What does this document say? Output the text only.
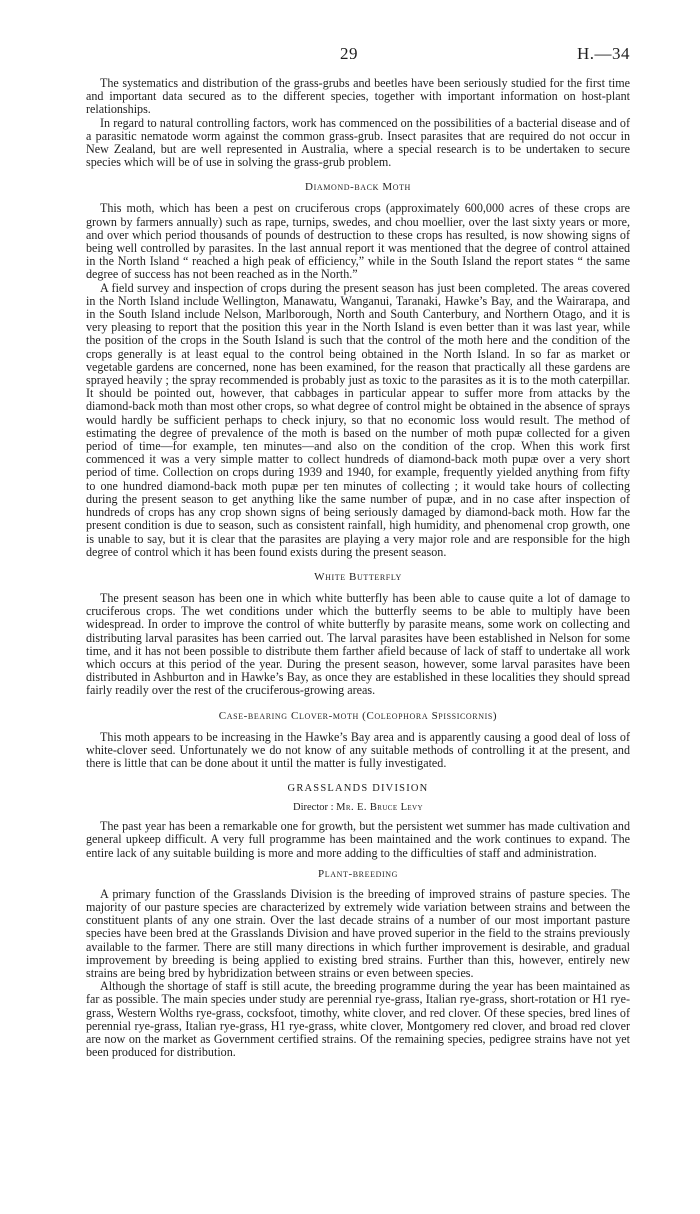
29	H.—34

The systematics and distribution of the grass-grubs and beetles have been seriously studied for the first time and important data secured as to the different species, together with important information on host-plant relationships.

In regard to natural controlling factors, work has commenced on the possibilities of a bacterial disease and of a parasitic nematode worm against the common grass-grub. Insect parasites that are required do not occur in New Zealand, but are well represented in Australia, where a special research is to be undertaken to secure species which will be of use in solving the grass-grub problem.

Diamond-back Moth

This moth, which has been a pest on cruciferous crops (approximately 600,000 acres of these crops are grown by farmers annually) such as rape, turnips, swedes, and chou moellier, over the last sixty years or more, and over which period thousands of pounds of destruction to these crops has resulted, is now showing signs of being well controlled by parasites. In the last annual report it was mentioned that the degree of control attained in the North Island “ reached a high peak of efficiency,” while in the South Island the report states “ the same degree of success has not been reached as in the North.”

A field survey and inspection of crops during the present season has just been completed. The areas covered in the North Island include Wellington, Manawatu, Wanganui, Taranaki, Hawke’s Bay, and the Wairarapa, and in the South Island include Nelson, Marlborough, North and South Canterbury, and Northern Otago, and it is very pleasing to report that the position this year in the North Island is even better than it was last year, while the position of the crops in the South Island is such that the control of the moth here and the condition of the crops generally is at least equal to the control being obtained in the North Island. In so far as market or vegetable gardens are concerned, none has been examined, for the reason that practically all these gardens are sprayed heavily ; the spray recommended is probably just as toxic to the parasites as it is to the moth caterpillar. It should be pointed out, however, that cabbages in particular appear to suffer more from attacks by the diamond-back moth than most other crops, so what degree of control might be obtained in the absence of sprays would hardly be sufficient perhaps to check injury, so that no economic loss would result. The method of estimating the degree of prevalence of the moth is based on the number of moth pupæ collected for a given period of time—for example, ten minutes—and also on the condition of the crop. When this work first commenced it was a very simple matter to collect hundreds of diamond-back moth pupæ over a very short period of time. Collection on crops during 1939 and 1940, for example, frequently yielded anything from fifty to one hundred diamond-back moth pupæ per ten minutes of collecting ; it would take hours of collecting during the present season to get anything like the same number of pupæ, and in no case after inspection of hundreds of crops has any crop shown signs of being seriously damaged by diamond-back moth. How far the present condition is due to season, such as consistent rainfall, high humidity, and phenomenal crop growth, one is unable to say, but it is clear that the parasites are playing a very major role and are responsible for the high degree of control which it has been found exists during the present season.

White Butterfly

The present season has been one in which white butterfly has been able to cause quite a lot of damage to cruciferous crops. The wet conditions under which the butterfly seems to be able to multiply have been widespread. In order to improve the control of white butterfly by parasite means, some work on collecting and distributing larval parasites has been carried out. The larval parasites have been established in Nelson for some time, and it has not been possible to distribute them farther afield because of lack of staff to undertake all work which occurs at this period of the year. During the present season, however, some larval parasites have been distributed in Ashburton and in Hawke’s Bay, as once they are established in these localities they should spread fairly readily over the rest of the cruciferous-growing areas.

Case-bearing Clover-moth (Coleophora Spissicornis)

This moth appears to be increasing in the Hawke’s Bay area and is apparently causing a good deal of loss of white-clover seed. Unfortunately we do not know of any suitable methods of controlling it at the present, and there is little that can be done about it until the matter is fully investigated.

GRASSLANDS DIVISION
Director : Mr. E. Bruce Levy

The past year has been a remarkable one for growth, but the persistent wet summer has made cultivation and general upkeep difficult. A very full programme has been maintained and the work continues to expand. The entire lack of any suitable building is more and more adding to the difficulties of staff and administration.

Plant-breeding

A primary function of the Grasslands Division is the breeding of improved strains of pasture species. The majority of our pasture species are characterized by extremely wide variation between strains and between the constituent plants of any one strain. Over the last decade strains of a number of our most important pasture species have been bred at the Grasslands Division and have proved superior in the field to the strains previously available to the farmer. There are still many directions in which further improvement is desirable, and gradual improvement by breeding is being applied to existing bred strains. Further than this, however, entirely new strains are being bred by hybridization between strains or even between species.

Although the shortage of staff is still acute, the breeding programme during the year has been maintained as far as possible. The main species under study are perennial rye-grass, Italian rye-grass, short-rotation or H1 rye-grass, Western Wolths rye-grass, cocksfoot, timothy, white clover, and red clover. Of these species, bred lines of perennial rye-grass, Italian rye-grass, H1 rye-grass, white clover, Montgomery red clover, and broad red clover are now on the market as Government certified strains. Of the remaining species, pedigree strains have not yet been produced for distribution.
